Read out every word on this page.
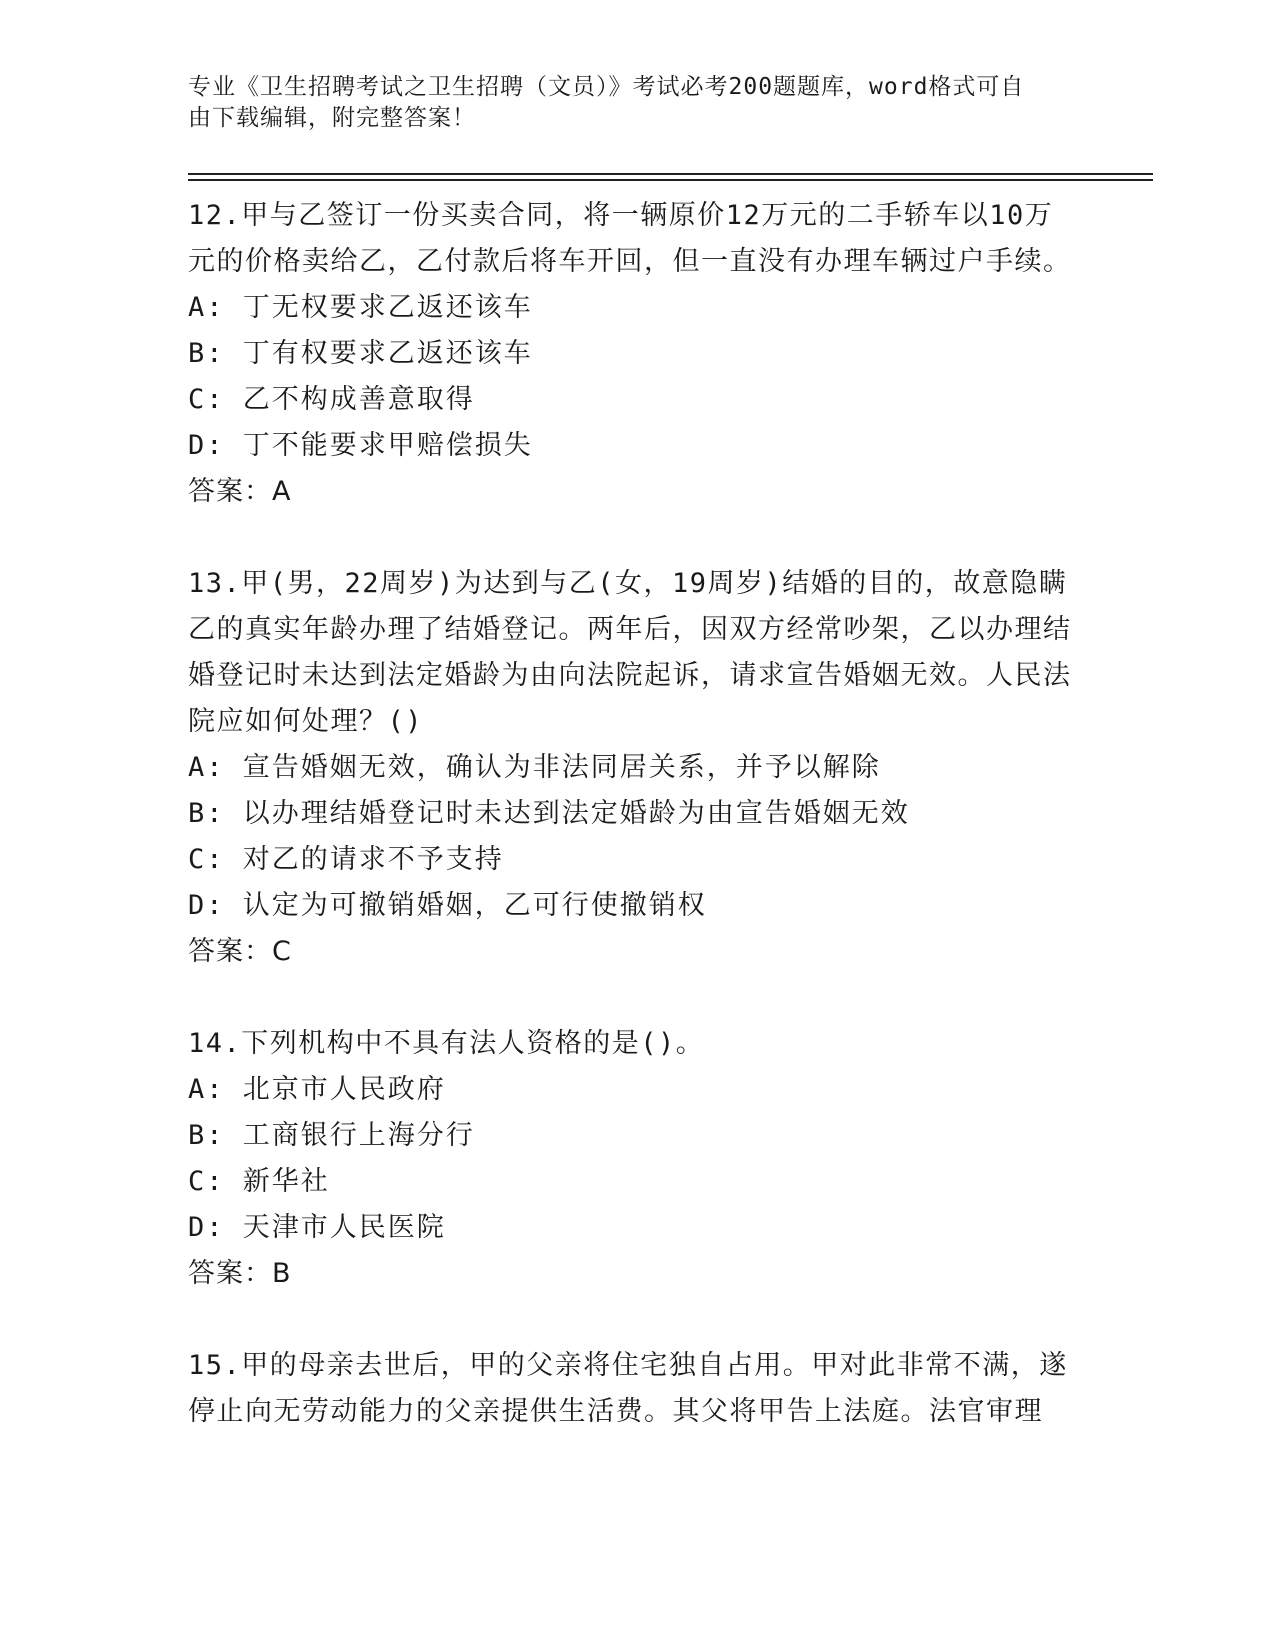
专业《卫生招聘考试之卫生招聘（文员）》考试必考200题题库，word格式可自
由下载编辑，附完整答案！
12.甲与乙签订一份买卖合同，将一辆原价12万元的二手轿车以10万元的价格卖给乙，乙付款后将车开回，但一直没有办理车辆过户手续。
A: 丁无权要求乙返还该车
B: 丁有权要求乙返还该车
C: 乙不构成善意取得
D: 丁不能要求甲赔偿损失
答案：A
13.甲(男，22周岁)为达到与乙(女，19周岁)结婚的目的，故意隐瞒乙的真实年龄办理了结婚登记。两年后，因双方经常吵架，乙以办理结婚登记时未达到法定婚龄为由向法院起诉，请求宣告婚姻无效。人民法院应如何处理？()
A: 宣告婚姻无效，确认为非法同居关系，并予以解除
B: 以办理结婚登记时未达到法定婚龄为由宣告婚姻无效
C: 对乙的请求不予支持
D: 认定为可撤销婚姻，乙可行使撤销权
答案：C
14.下列机构中不具有法人资格的是()。
A: 北京市人民政府
B: 工商银行上海分行
C: 新华社
D: 天津市人民医院
答案：B
15.甲的母亲去世后，甲的父亲将住宅独自占用。甲对此非常不满，遂停止向无劳动能力的父亲提供生活费。其父将甲告上法庭。法官审理
